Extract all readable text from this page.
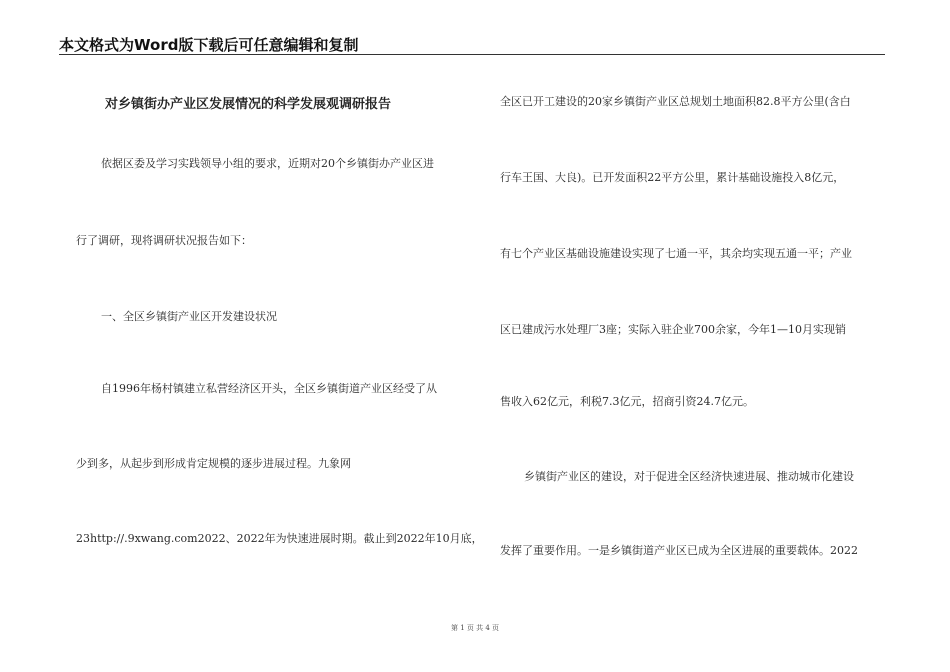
本文格式为Word版下载后可任意编辑和复制
对乡镇街办产业区发展情况的科学发展观调研报告
依据区委及学习实践领导小组的要求，近期对20个乡镇街办产业区进
行了调研，现将调研状况报告如下：
一、全区乡镇街产业区开发建设状况
自1996年杨村镇建立私营经济区开头，全区乡镇街道产业区经受了从
少到多，从起步到形成肯定规模的逐步进展过程。九象网
23http://.9xwang.com2022、2022年为快速进展时期。截止到2022年10月底，
全区已开工建设的20家乡镇街产业区总规划土地面积82.8平方公里(含白
行车王国、大良)。已开发面积22平方公里，累计基础设施投入8亿元，
有七个产业区基础设施建设实现了七通一平，其余均实现五通一平；产业
区已建成污水处理厂3座；实际入驻企业700余家，今年1—10月实现销
售收入62亿元，利税7.3亿元，招商引资24.7亿元。
乡镇街产业区的建设，对于促进全区经济快速进展、推动城市化建设
发挥了重要作用。一是乡镇街道产业区已成为全区进展的重要载体。2022
第 1 页 共 4 页
